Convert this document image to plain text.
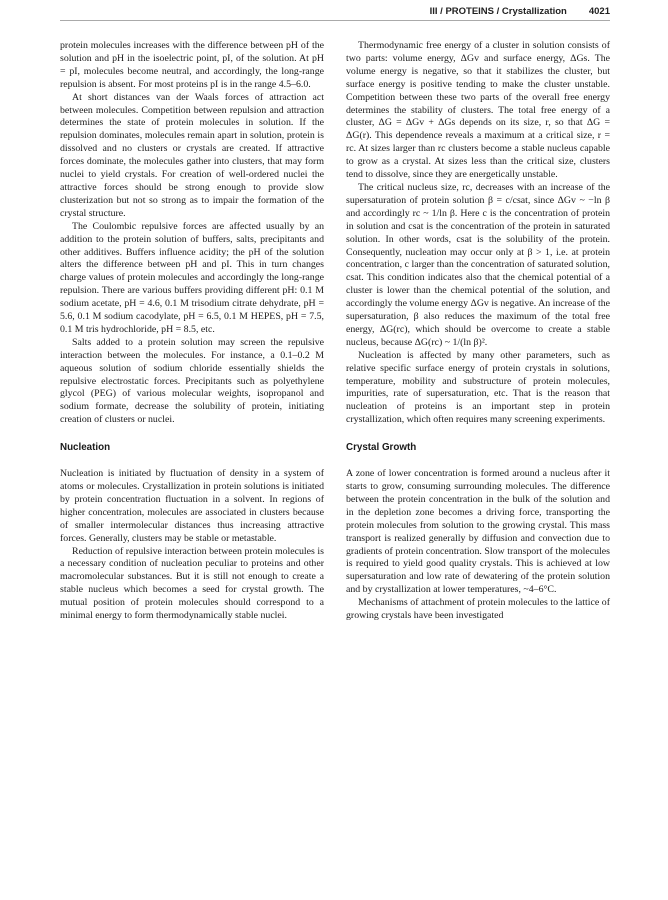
III / PROTEINS / Crystallization 4021

protein molecules increases with the difference between pH of the solution and pH in the isoelectric point, pI, of the solution. At pH = pI, molecules become neutral, and accordingly, the long-range repulsion is absent. For most proteins pI is in the range 4.5–6.0.

At short distances van der Waals forces of attraction act between molecules. Competition between repulsion and attraction determines the state of protein molecules in solution. If the repulsion dominates, molecules remain apart in solution, protein is dissolved and no clusters or crystals are created. If attractive forces dominate, the molecules gather into clusters, that may form nuclei to yield crystals. For creation of well-ordered nuclei the attractive forces should be strong enough to provide slow clusterization but not so strong as to impair the formation of the crystal structure.

The Coulombic repulsive forces are affected usually by an addition to the protein solution of buffers, salts, precipitants and other additives. Buffers influence acidity; the pH of the solution alters the difference between pH and pI. This in turn changes charge values of protein molecules and accordingly the long-range repulsion. There are various buffers providing different pH: 0.1 M sodium acetate, pH = 4.6, 0.1 M trisodium citrate dehydrate, pH = 5.6, 0.1 M sodium cacodylate, pH = 6.5, 0.1 M HEPES, pH = 7.5, 0.1 M tris hydrochloride, pH = 8.5, etc.

Salts added to a protein solution may screen the repulsive interaction between the molecules. For instance, a 0.1–0.2 M aqueous solution of sodium chloride essentially shields the repulsive electrostatic forces. Precipitants such as polyethylene glycol (PEG) of various molecular weights, isopropanol and sodium formate, decrease the solubility of protein, initiating creation of clusters or nuclei.

Nucleation

Nucleation is initiated by fluctuation of density in a system of atoms or molecules. Crystallization in protein solutions is initiated by protein concentration fluctuation in a solvent. In regions of higher concentration, molecules are associated in clusters because of smaller intermolecular distances thus increasing attractive forces. Generally, clusters may be stable or metastable.

Reduction of repulsive interaction between protein molecules is a necessary condition of nucleation peculiar to proteins and other macromolecular substances. But it is still not enough to create a stable nucleus which becomes a seed for crystal growth. The mutual position of protein molecules should correspond to a minimal energy to form thermodynamically stable nuclei.

Thermodynamic free energy of a cluster in solution consists of two parts: volume energy, ΔGv and surface energy, ΔGs. The volume energy is negative, so that it stabilizes the cluster, but surface energy is positive tending to make the cluster unstable. Competition between these two parts of the overall free energy determines the stability of clusters. The total free energy of a cluster, ΔG = ΔGv + ΔGs depends on its size, r, so that ΔG = ΔG(r). This dependence reveals a maximum at a critical size, r = rc. At sizes larger than rc clusters become a stable nucleus capable to grow as a crystal. At sizes less than the critical size, clusters tend to dissolve, since they are energetically unstable.

The critical nucleus size, rc, decreases with an increase of the supersaturation of protein solution β = c/csat, since ΔGv ~ −ln β and accordingly rc ~ 1/ln β. Here c is the concentration of protein in solution and csat is the concentration of the protein in saturated solution. In other words, csat is the solubility of the protein. Consequently, nucleation may occur only at β > 1, i.e. at protein concentration, c larger than the concentration of saturated solution, csat. This condition indicates also that the chemical potential of a cluster is lower than the chemical potential of the solution, and accordingly the volume energy ΔGv is negative. An increase of the supersaturation, β also reduces the maximum of the total free energy, ΔG(rc), which should be overcome to create a stable nucleus, because ΔG(rc) ~ 1/(ln β)².

Nucleation is affected by many other parameters, such as relative specific surface energy of protein crystals in solutions, temperature, mobility and substructure of protein molecules, impurities, rate of supersaturation, etc. That is the reason that nucleation of proteins is an important step in protein crystallization, which often requires many screening experiments.

Crystal Growth

A zone of lower concentration is formed around a nucleus after it starts to grow, consuming surrounding molecules. The difference between the protein concentration in the bulk of the solution and in the depletion zone becomes a driving force, transporting the protein molecules from solution to the growing crystal. This mass transport is realized generally by diffusion and convection due to gradients of protein concentration. Slow transport of the molecules is required to yield good quality crystals. This is achieved at low supersaturation and low rate of dewatering of the protein solution and by crystallization at lower temperatures, ~4–6°C.

Mechanisms of attachment of protein molecules to the lattice of growing crystals have been investigated
